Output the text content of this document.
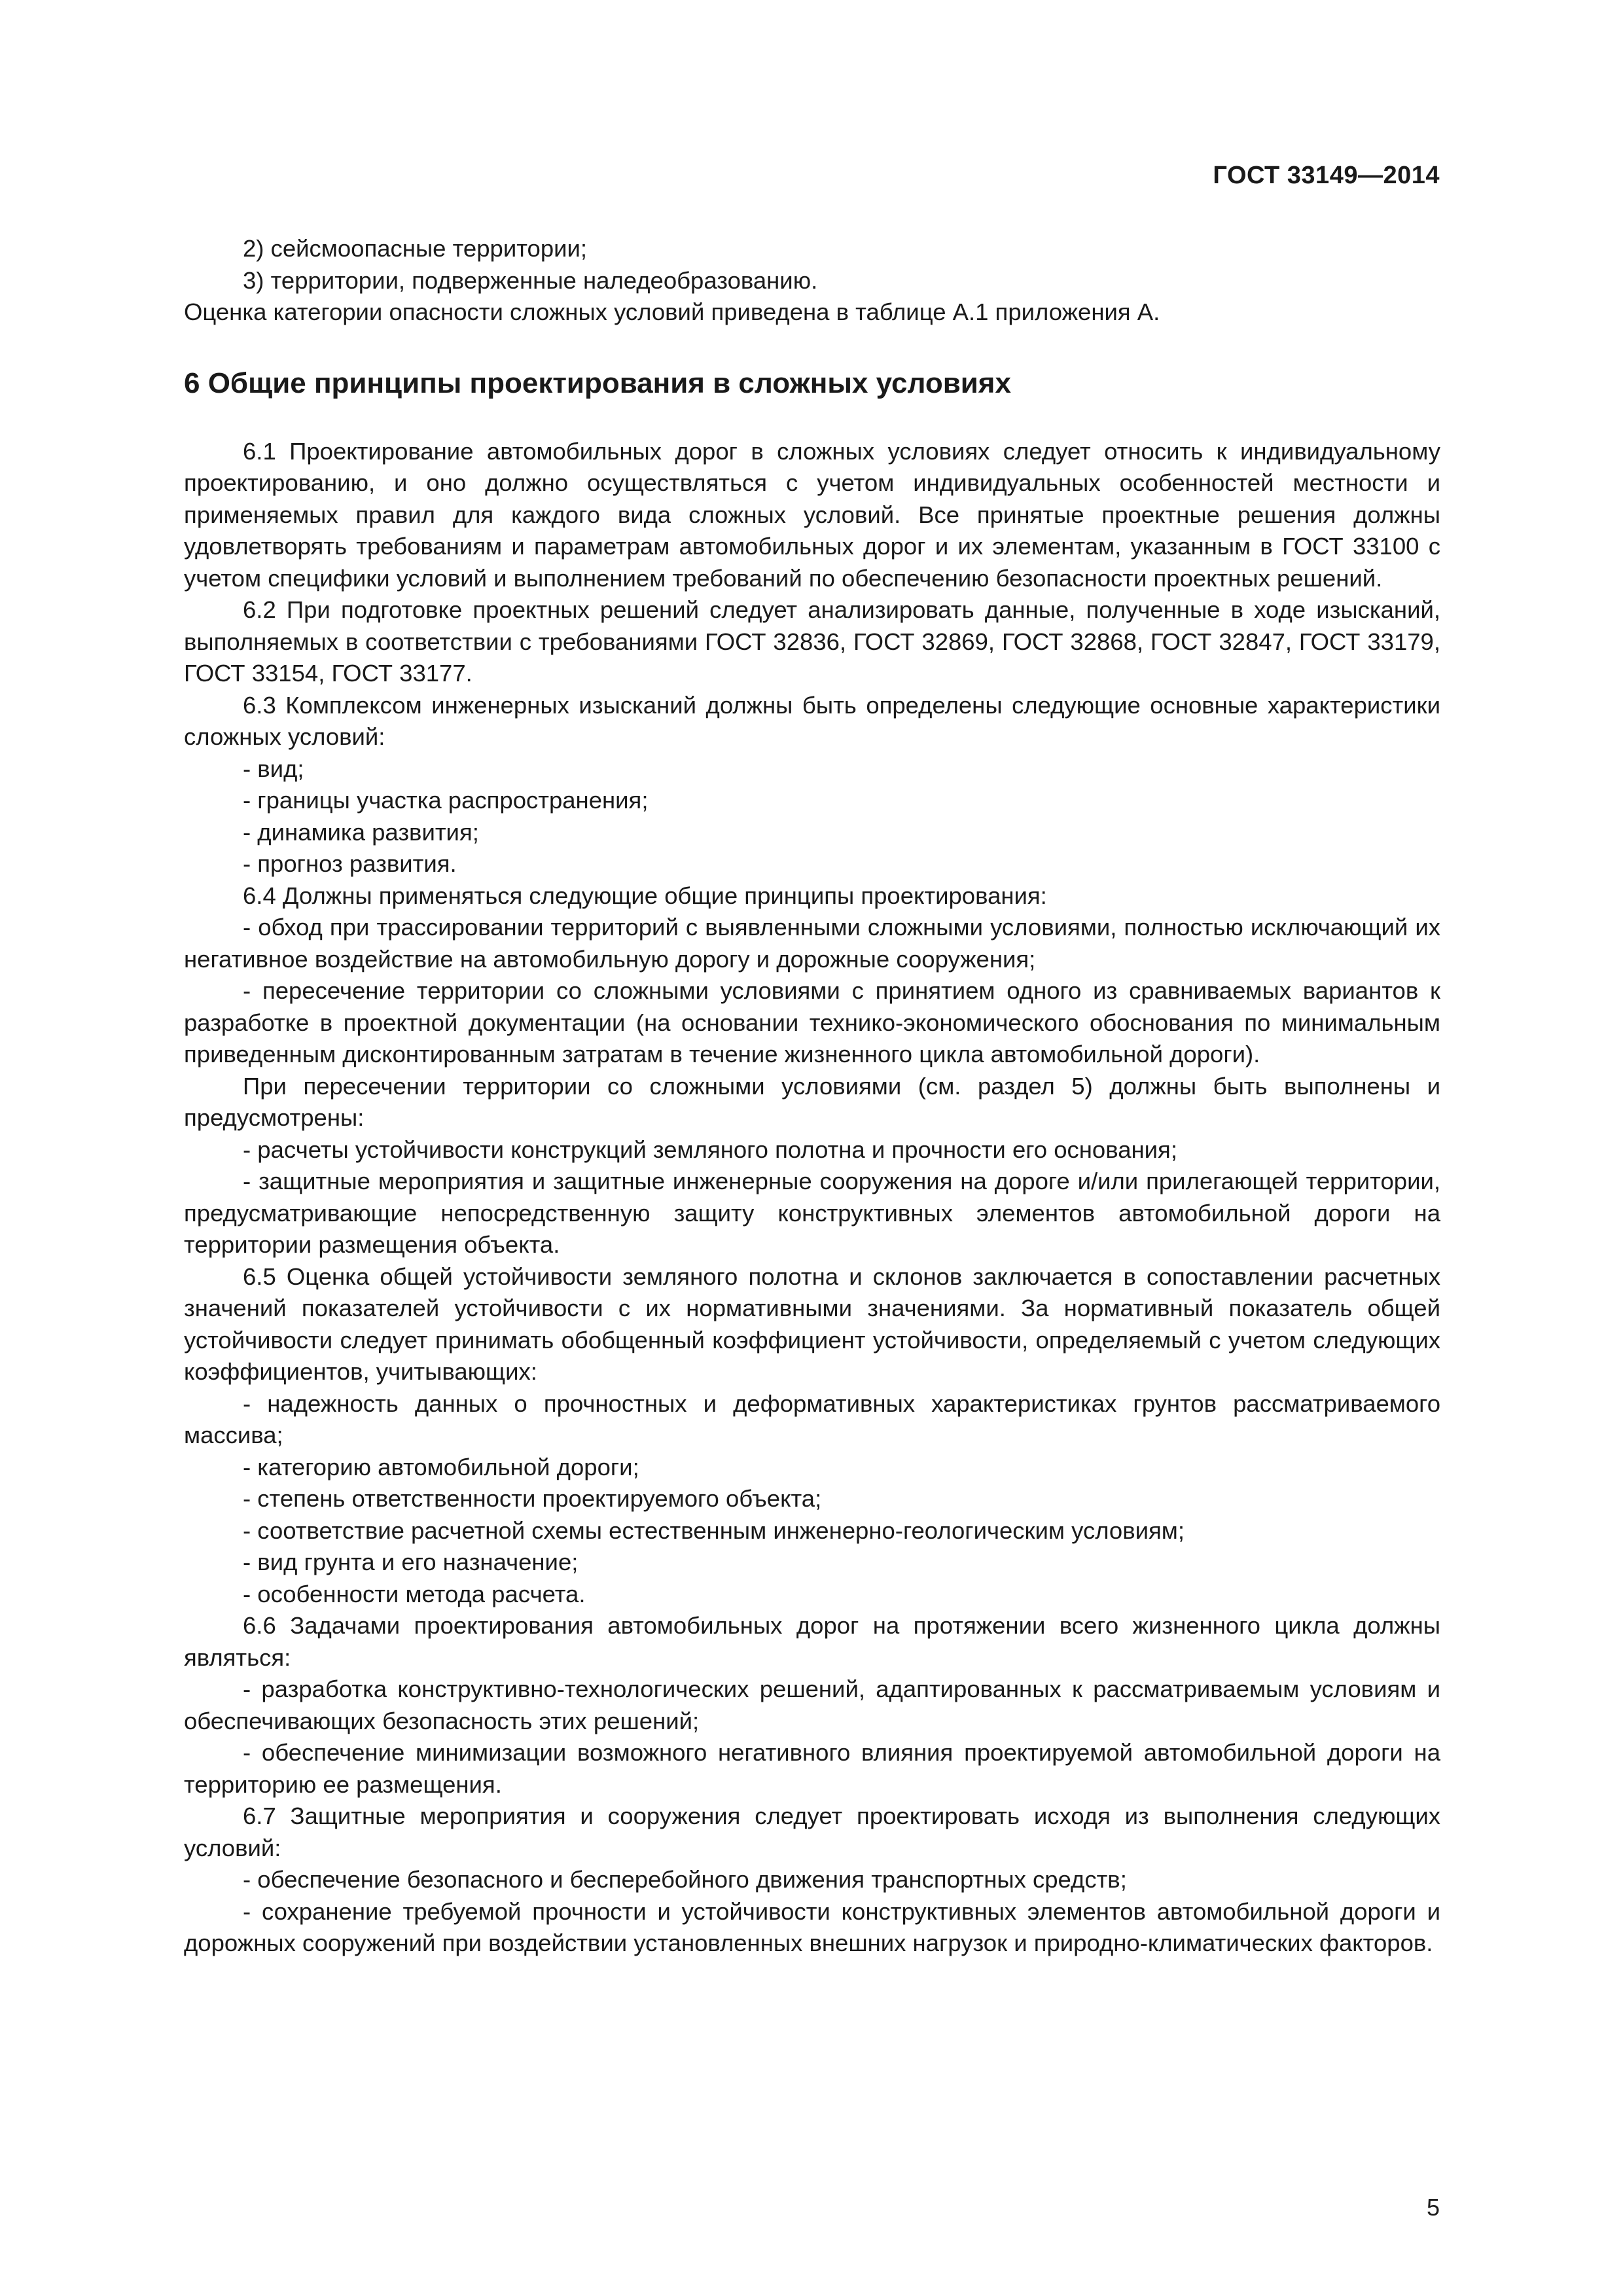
ГОСТ 33149—2014

2) сейсмоопасные территории;

3) территории, подверженные наледеобразованию.

Оценка категории опасности сложных условий приведена в таблице А.1 приложения А.

6 Общие принципы проектирования в сложных условиях

6.1 Проектирование автомобильных дорог в сложных условиях следует относить к индивидуальному проектированию, и оно должно осуществляться с учетом индивидуальных особенностей местности и применяемых правил для каждого вида сложных условий. Все принятые проектные решения должны удовлетворять требованиям и параметрам автомобильных дорог и их элементам, указанным в ГОСТ 33100 с учетом специфики условий и выполнением требований по обеспечению безопасности проектных решений.

6.2 При подготовке проектных решений следует анализировать данные, полученные в ходе изысканий, выполняемых в соответствии с требованиями ГОСТ 32836, ГОСТ 32869, ГОСТ 32868, ГОСТ 32847, ГОСТ 33179, ГОСТ 33154, ГОСТ 33177.

6.3 Комплексом инженерных изысканий должны быть определены следующие основные характеристики сложных условий:

- вид;

- границы участка распространения;

- динамика развития;

- прогноз развития.

6.4 Должны применяться следующие общие принципы проектирования:

- обход при трассировании территорий с выявленными сложными условиями, полностью исключающий их негативное воздействие на автомобильную дорогу и дорожные сооружения;

- пересечение территории со сложными условиями с принятием одного из сравниваемых вариантов к разработке в проектной документации (на основании технико-экономического обоснования по минимальным приведенным дисконтированным затратам в течение жизненного цикла автомобильной дороги).

При пересечении территории со сложными условиями (см. раздел 5) должны быть выполнены и предусмотрены:

- расчеты устойчивости конструкций земляного полотна и прочности его основания;

- защитные мероприятия и защитные инженерные сооружения на дороге и/или прилегающей территории, предусматривающие непосредственную защиту конструктивных элементов автомобильной дороги на территории размещения объекта.

6.5 Оценка общей устойчивости земляного полотна и склонов заключается в сопоставлении расчетных значений показателей устойчивости с их нормативными значениями. За нормативный показатель общей устойчивости следует принимать обобщенный коэффициент устойчивости, определяемый с учетом следующих коэффициентов, учитывающих:

- надежность данных о прочностных и деформативных характеристиках грунтов рассматриваемого массива;

- категорию автомобильной дороги;

- степень ответственности проектируемого объекта;

- соответствие расчетной схемы естественным инженерно-геологическим условиям;

- вид грунта и его назначение;

- особенности метода расчета.

6.6 Задачами проектирования автомобильных дорог на протяжении всего жизненного цикла должны являться:

- разработка конструктивно-технологических решений, адаптированных к рассматриваемым условиям и обеспечивающих безопасность этих решений;

- обеспечение минимизации возможного негативного влияния проектируемой автомобильной дороги на территорию ее размещения.

6.7 Защитные мероприятия и сооружения следует проектировать исходя из выполнения следующих условий:

- обеспечение безопасного и бесперебойного движения транспортных средств;

- сохранение требуемой прочности и устойчивости конструктивных элементов автомобильной дороги и дорожных сооружений при воздействии установленных внешних нагрузок и природно-климатических факторов.

5
